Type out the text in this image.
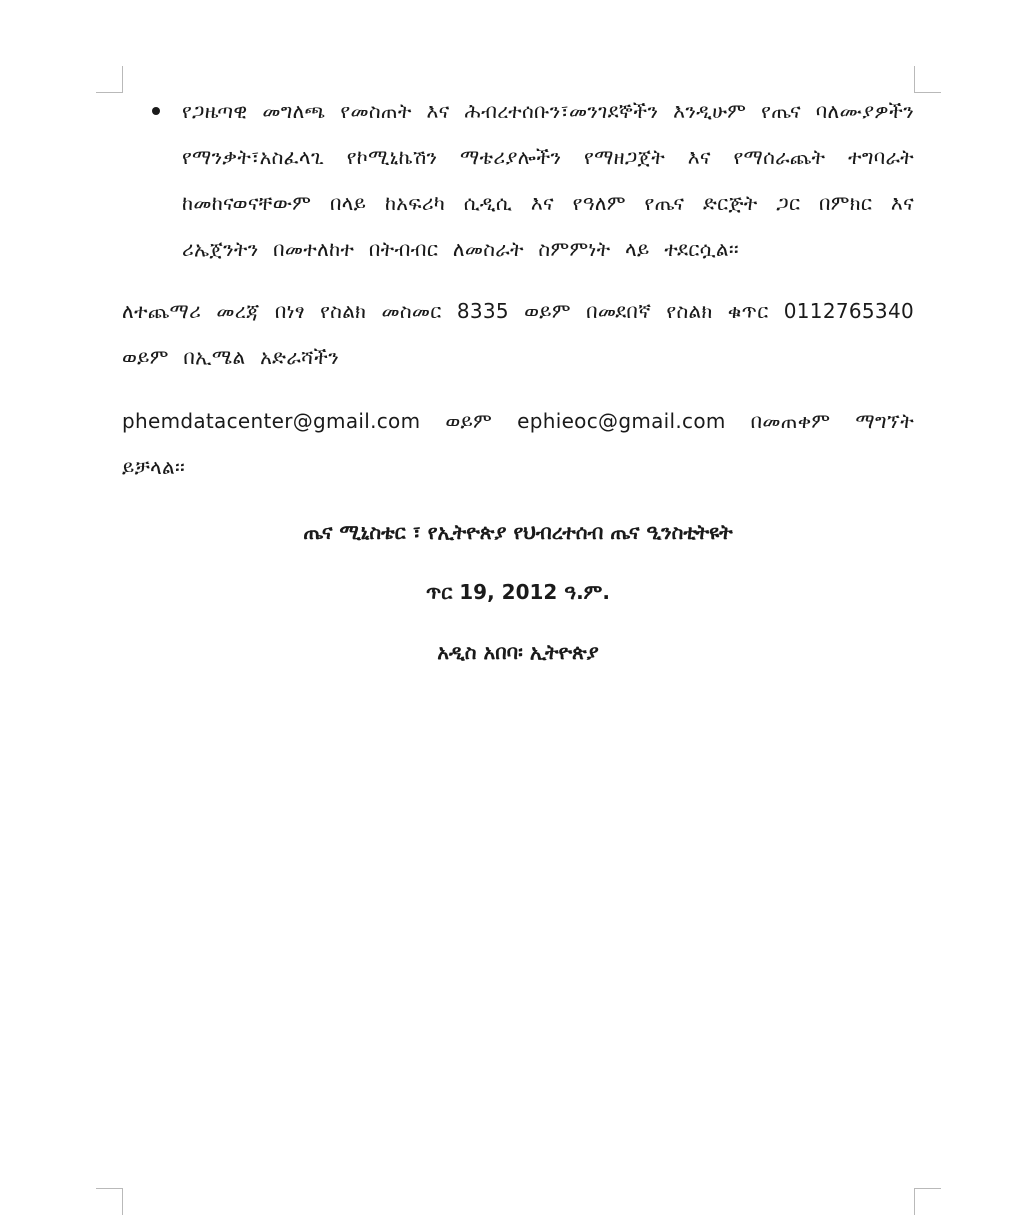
የጋዜጣዊ መግለጫ የመስጠት እና ሕብረተሰቡን፣መንገደኞችን እንዲሁም የጤና ባለሙያዎችን የማንቃት፣አስፈላጊ የኮሚኒኬሽን ማቴሪያሎችን የማዘጋጀት እና የማሰራጨት ተግባራት ከመከናወናቸውም በላይ ከአፍሪካ ሲዲሲ እና የዓለም የጤና ድርጅት ጋር በምክር እና ሪኤጀንትን በመተለከተ በትብብር ለመስራት ስምምነት ላይ ተደርሷል፡፡

ለተጨማሪ መረጃ በነፃ የስልክ መስመር 8335 ወይም በመደበኛ የስልክ ቁጥር 0112765340 ወይም በኢሜል አድራሻችን

phemdatacenter@gmail.com ወይም ephieoc@gmail.com በመጠቀም ማግኘት ይቻላል፡፡

ጤና ሚኒስቴር ፣ የኢትዮጵያ የህብረተሰብ ጤና ዒንስቲትዩት
ጥር 19, 2012 ዓ.ም.
አዲስ አበባ፡ ኢትዮጵያ
